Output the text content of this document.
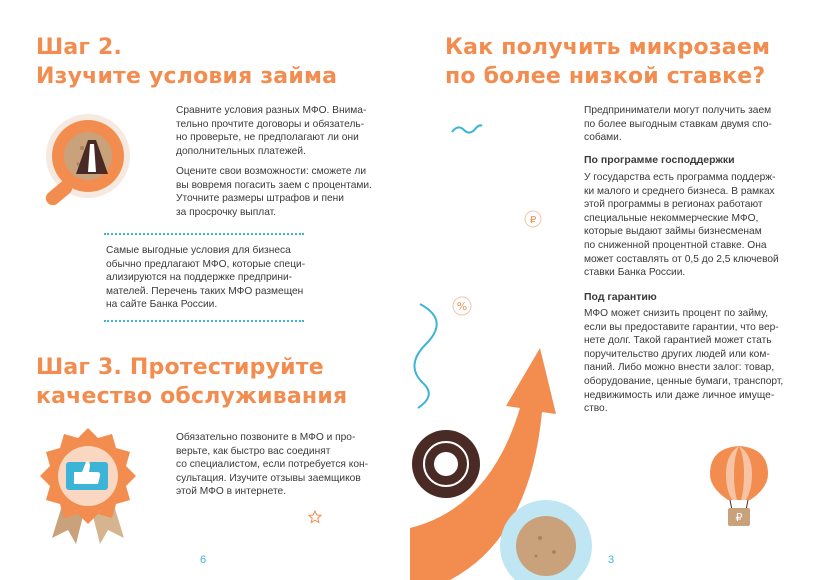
Шаг 2.
Изучите условия займа
Сравните условия разных МФО. Внима-
тельно прочтите договоры и обязатель-
но проверьте, не предполагают ли они
дополнительных платежей.
Оцените свои возможности: сможете ли
вы вовремя погасить заем с процентами.
Уточните размеры штрафов и пени
за просрочку выплат.
Самые выгодные условия для бизнеса
обычно предлагают МФО, которые специ-
ализируются на поддержке предприни-
мателей. Перечень таких МФО размещен
на сайте Банка России.
Шаг 3. Протестируйте
качество обслуживания
Обязательно позвоните в МФО и про-
верьте, как быстро вас соединят
со специалистом, если потребуется кон-
сультация. Изучите отзывы заемщиков
этой МФО в интернете.
6
Как получить микрозаем
по более низкой ставке?
%
₽
Предприниматели могут получить заем
по более выгодным ставкам двумя спо-
собами.
По программе господдержки
У государства есть программа поддерж-
ки малого и среднего бизнеса. В рамках
этой программы в регионах работают
специальные некоммерческие МФО,
которые выдают займы бизнесменам
по сниженной процентной ставке. Она
может составлять от 0,5 до 2,5 ключевой
ставки Банка России.
Под гарантию
МФО может снизить процент по займу,
если вы предоставите гарантии, что вер-
нете долг. Такой гарантией может стать
поручительство других людей или ком-
паний. Либо можно внести залог: товар,
оборудование, ценные бумаги, транспорт,
недвижимость или даже личное имуще-
ство.
₽
3
